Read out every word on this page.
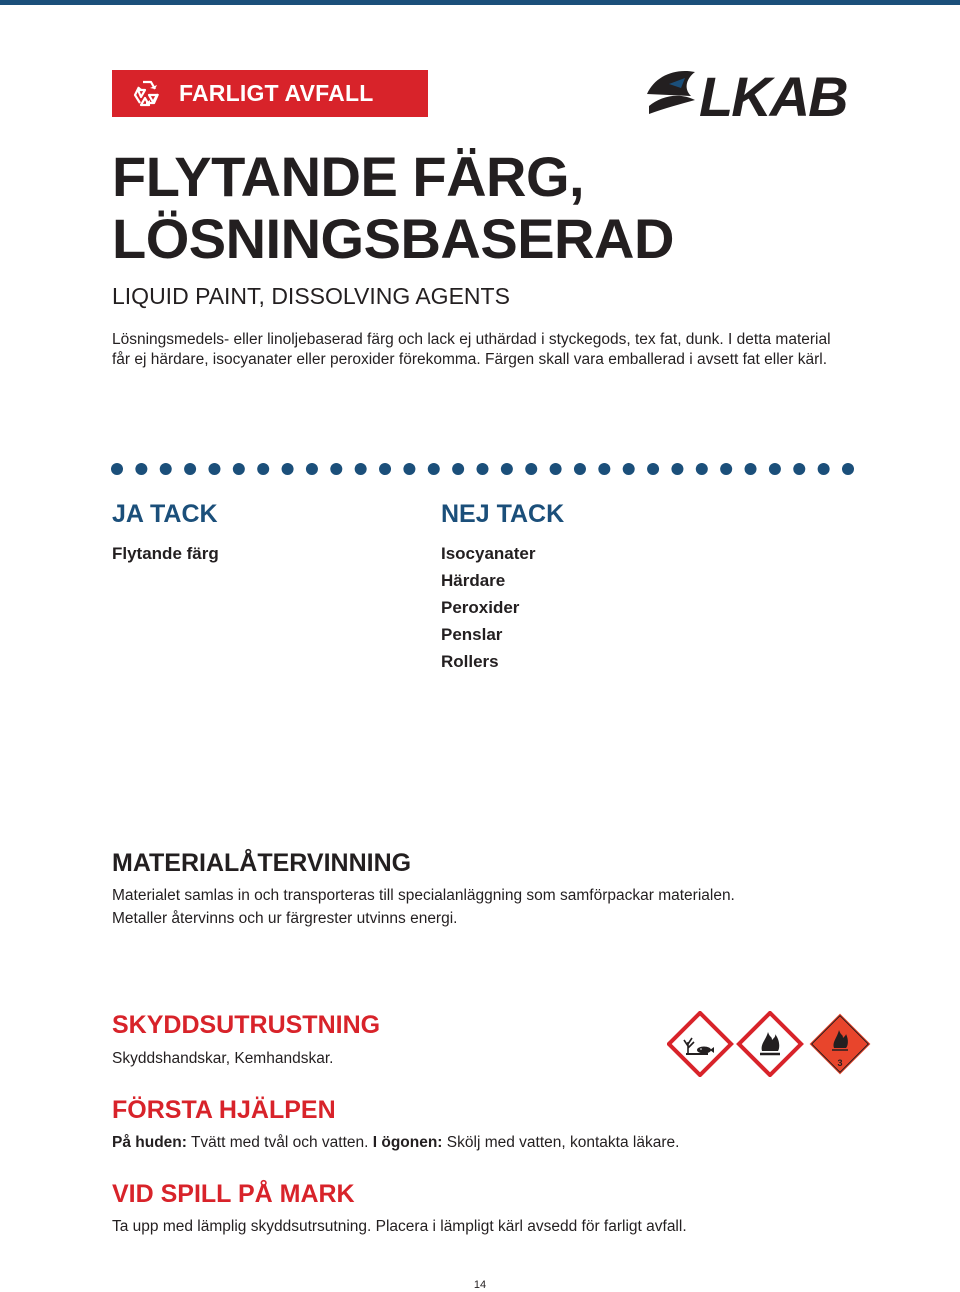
FARLIGT AVFALL	LKAB
FLYTANDE FÄRG,
LÖSNINGSBASERAD
LIQUID PAINT, DISSOLVING AGENTS
Lösningsmedels- eller linoljebaserad färg och lack ej uthärdad i styckegods, tex fat, dunk. I detta material
får ej härdare, isocyanater eller peroxider förekomma. Färgen skall vara emballerad i avsett fat eller kärl.
JA TACK
Flytande färg
NEJ TACK
Isocyanater
Härdare
Peroxider
Penslar
Rollers
MATERIALÅTERVINNING
Materialet samlas in och transporteras till specialanläggning som samförpackar materialen.
Metaller återvinns och ur färgrester utvinns energi.
SKYDDSUTRUSTNING
Skyddshandskar, Kemhandskar.	3
FÖRSTA HJÄLPEN
På huden: Tvätt med tvål och vatten. I ögonen: Skölj med vatten, kontakta läkare.
VID SPILL PÅ MARK
Ta upp med lämplig skyddsutrsutning. Placera i lämpligt kärl avsedd för farligt avfall.
14
